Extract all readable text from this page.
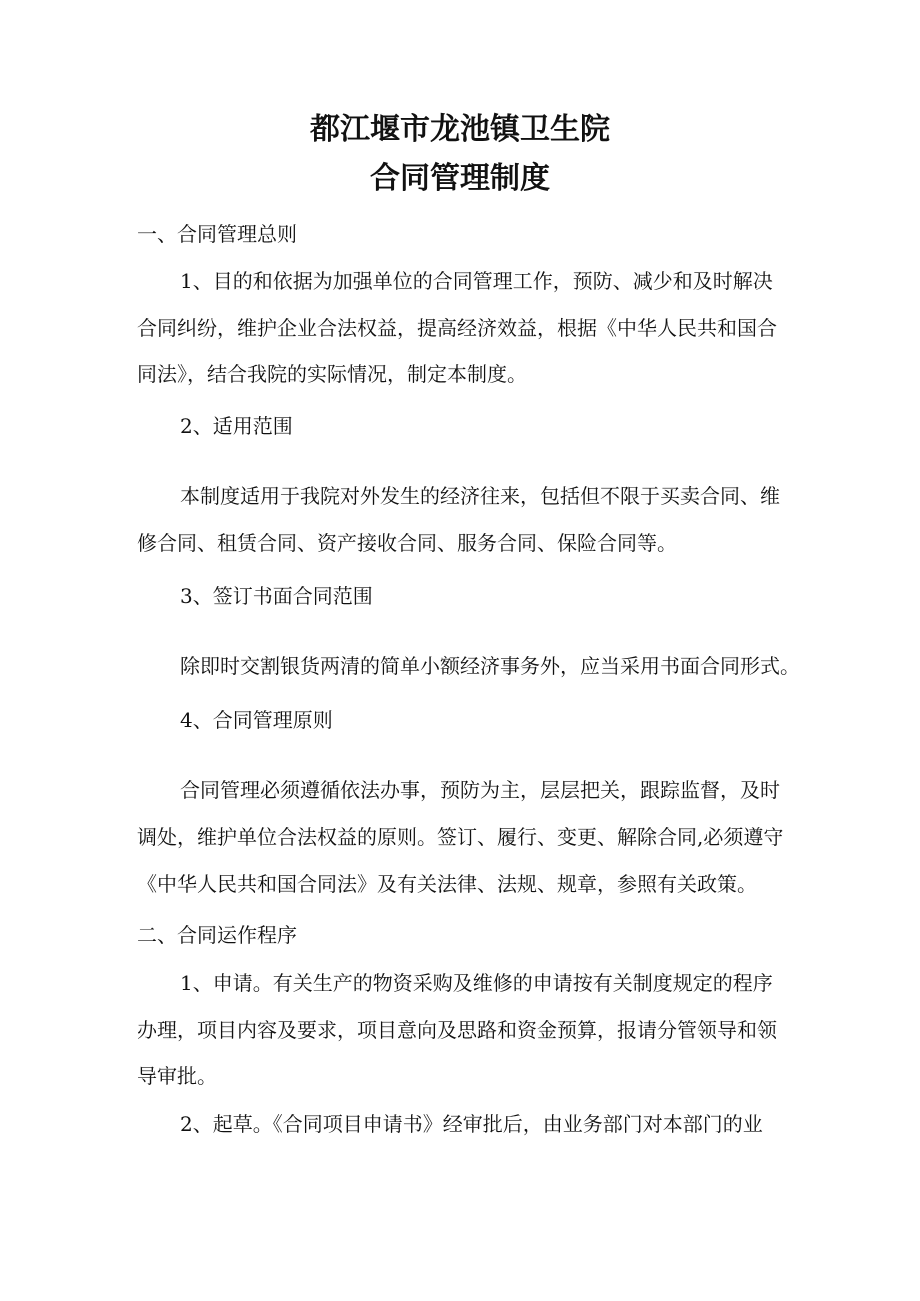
都江堰市龙池镇卫生院
合同管理制度

一、合同管理总则

1、目的和依据为加强单位的合同管理工作，预防、减少和及时解决

合同纠纷，维护企业合法权益，提高经济效益，根据《中华人民共和国合

同法》，结合我院的实际情况，制定本制度。

2、适用范围

本制度适用于我院对外发生的经济往来，包括但不限于买卖合同、维

修合同、租赁合同、资产接收合同、服务合同、保险合同等。

3、签订书面合同范围

除即时交割银货两清的简单小额经济事务外，应当采用书面合同形式。

4、合同管理原则

合同管理必须遵循依法办事，预防为主，层层把关，跟踪监督，及时

调处，维护单位合法权益的原则。签订、履行、变更、解除合同,必须遵守

《中华人民共和国合同法》及有关法律、法规、规章，参照有关政策。

二、合同运作程序

1、申请。有关生产的物资采购及维修的申请按有关制度规定的程序

办理，项目内容及要求，项目意向及思路和资金预算，报请分管领导和领

导审批。

2、起草。《合同项目申请书》经审批后，由业务部门对本部门的业
